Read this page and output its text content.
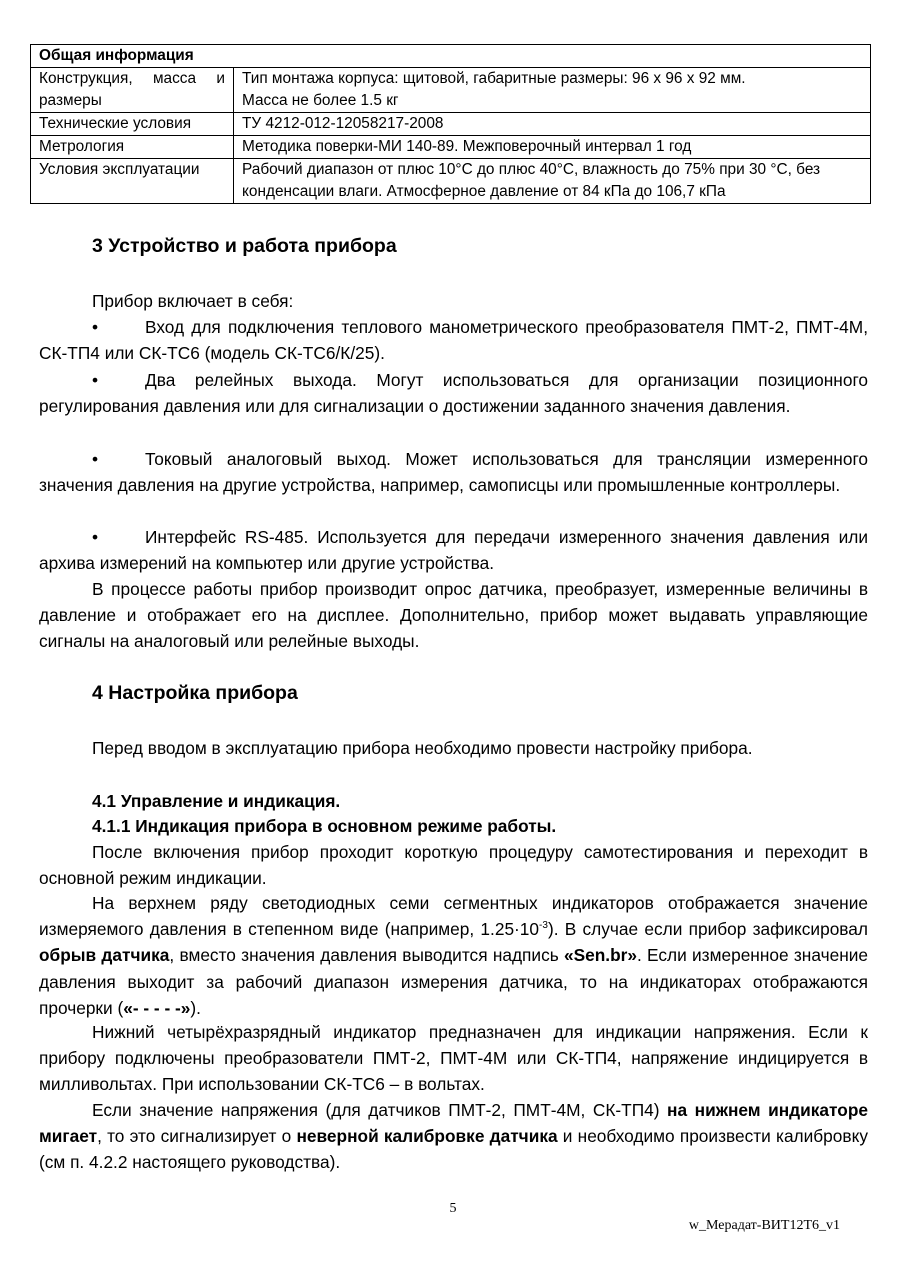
Общая информация	
Конструкция, масса и размеры	Тип монтажа корпуса: щитовой, габаритные размеры: 96 х 96 х 92 мм.
Масса не более 1.5 кг

Технические условия	ТУ 4212-012-12058217-2008
Метрология	Методика поверки-МИ 140-89. Межповерочный интервал 1 год
Условия эксплуатации	Рабочий диапазон от плюс 10°С до плюс 40°С, влажность до 75% при 30 °С, без конденсации влаги. Атмосферное давление от 84 кПа до 106,7 кПа
3 Устройство и работа прибора
Прибор включает в себя:
•	Вход для подключения теплового манометрического преобразователя ПМТ-2, ПМТ-4М, СК-ТП4 или СК-ТС6 (модель СК-ТС6/К/25).
•	Два релейных выхода. Могут использоваться для организации позиционного регулирования давления или для сигнализации о достижении заданного значения давления.
•	Токовый аналоговый выход. Может использоваться для трансляции измеренного значения давления на другие устройства, например, самописцы или промышленные контроллеры.
•	Интерфейс RS-485. Используется для передачи измеренного значения давления или архива измерений на компьютер или другие устройства.
В процессе работы прибор производит опрос датчика, преобразует, измеренные величины в давление и отображает его на дисплее. Дополнительно, прибор может выдавать управляющие сигналы на аналоговый или релейные выходы.
4 Настройка прибора
Перед вводом в эксплуатацию прибора необходимо провести настройку прибора.
4.1 Управление и индикация.
4.1.1 Индикация прибора в основном режиме работы.
После включения прибор проходит короткую процедуру самотестирования и переходит в основной режим индикации.
На верхнем ряду светодиодных семи сегментных индикаторов отображается значение измеряемого давления в степенном виде (например, $1.25\cdot 10^{-3}$). В случае если прибор зафиксировал обрыв датчика, вместо значения давления выводится надпись «Sen.br». Если измеренное значение давления выходит за рабочий диапазон измерения датчика, то на индикаторах отображаются прочерки («- - - - -»).
Нижний четырёхразрядный индикатор предназначен для индикации напряжения. Если к прибору подключены преобразователи ПМТ-2, ПМТ-4М или СК-ТП4, напряжение индицируется в милливольтах. При использовании СК-ТС6 – в вольтах.
Если значение напряжения (для датчиков ПМТ-2, ПМТ-4М, СК-ТП4) на нижнем индикаторе мигает, то это сигнализирует о неверной калибровке датчика и необходимо произвести калибровку (см п. 4.2.2 настоящего руководства).
5
w_Мерадат-ВИТ12Т6_v1
